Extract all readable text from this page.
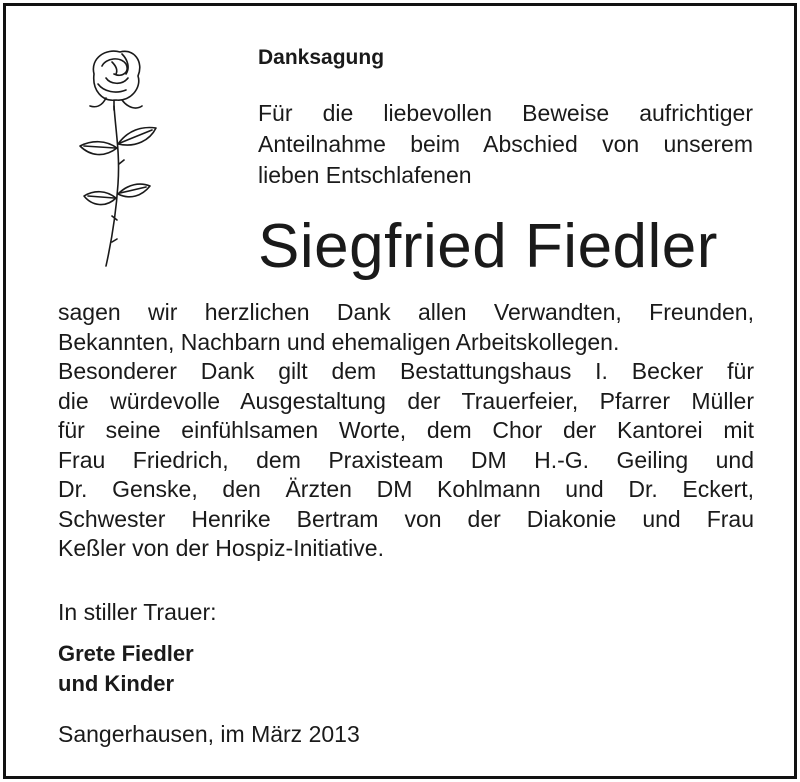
Danksagung

Für die liebevollen Beweise aufrichtiger
Anteilnahme beim Abschied von unserem
lieben Entschlafenen

Siegfried Fiedler

sagen wir herzlichen Dank allen Verwandten, Freunden,
Bekannten, Nachbarn und ehemaligen Arbeitskollegen.
Besonderer Dank gilt dem Bestattungshaus I. Becker für
die würdevolle Ausgestaltung der Trauerfeier, Pfarrer Müller
für seine einfühlsamen Worte, dem Chor der Kantorei mit
Frau Friedrich, dem Praxisteam DM H.-G. Geiling und
Dr. Genske, den Ärzten DM Kohlmann und Dr. Eckert,
Schwester Henrike Bertram von der Diakonie und Frau
Keßler von der Hospiz-Initiative.

In stiller Trauer:

Grete Fiedler
und Kinder

Sangerhausen, im März 2013
